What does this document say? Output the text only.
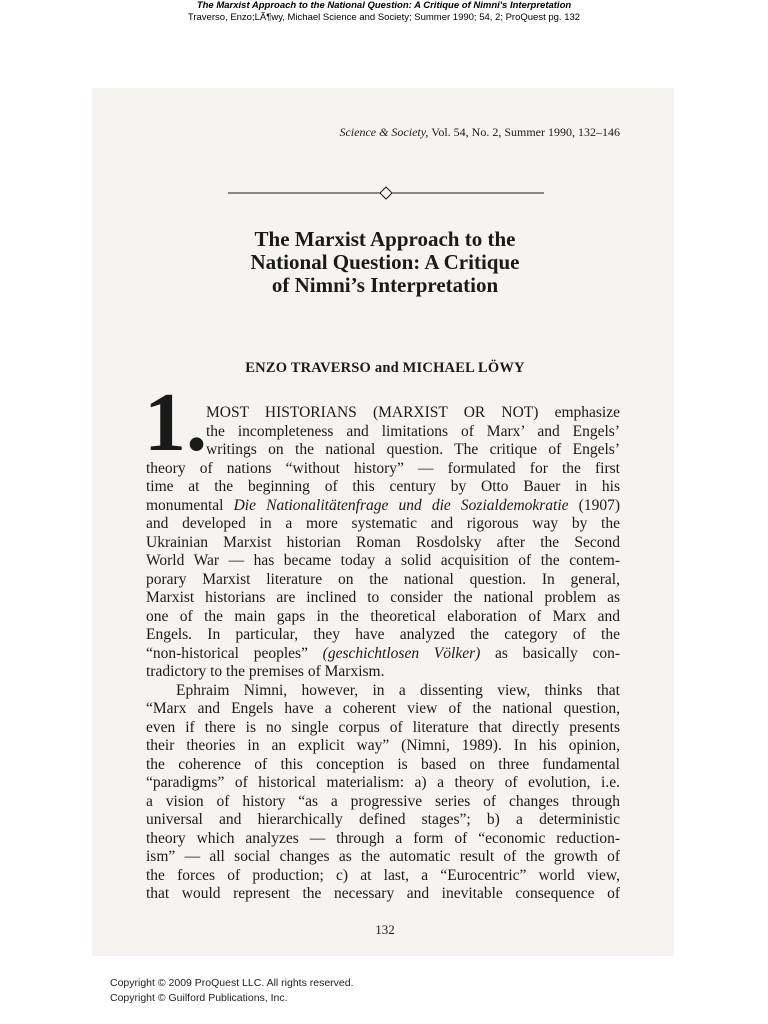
The Marxist Approach to the National Question: A Critique of Nimni's Interpretation
Traverso, Enzo;LÃ¶wy, Michael Science and Society; Summer 1990; 54, 2; ProQuest pg. 132
Science & Society, Vol. 54, No. 2, Summer 1990, 132–146
The Marxist Approach to the
National Question: A Critique
of Nimni’s Interpretation
ENZO TRAVERSO and MICHAEL LÖWY
1. MOST HISTORIANS (MARXIST OR NOT) emphasize
the incompleteness and limitations of Marx’ and Engels’
writings on the national question. The critique of Engels’
theory of nations “without history” — formulated for the first
time at the beginning of this century by Otto Bauer in his
monumental Die Nationalitätenfrage und die Sozialdemokratie (1907)
and developed in a more systematic and rigorous way by the
Ukrainian Marxist historian Roman Rosdolsky after the Second
World War — has became today a solid acquisition of the contem-
porary Marxist literature on the national question. In general,
Marxist historians are inclined to consider the national problem as
one of the main gaps in the theoretical elaboration of Marx and
Engels. In particular, they have analyzed the category of the
“non-historical peoples” (geschichtlosen Völker) as basically con-
tradictory to the premises of Marxism.
Ephraim Nimni, however, in a dissenting view, thinks that
“Marx and Engels have a coherent view of the national question,
even if there is no single corpus of literature that directly presents
their theories in an explicit way” (Nimni, 1989). In his opinion,
the coherence of this conception is based on three fundamental
“paradigms” of historical materialism: a) a theory of evolution, i.e.
a vision of history “as a progressive series of changes through
universal and hierarchically defined stages”; b) a deterministic
theory which analyzes — through a form of “economic reduction-
ism” — all social changes as the automatic result of the growth of
the forces of production; c) at last, a “Eurocentric” world view,
that would represent the necessary and inevitable consequence of
132
Copyright © 2009 ProQuest LLC. All rights reserved.
Copyright © Guilford Publications, Inc.
